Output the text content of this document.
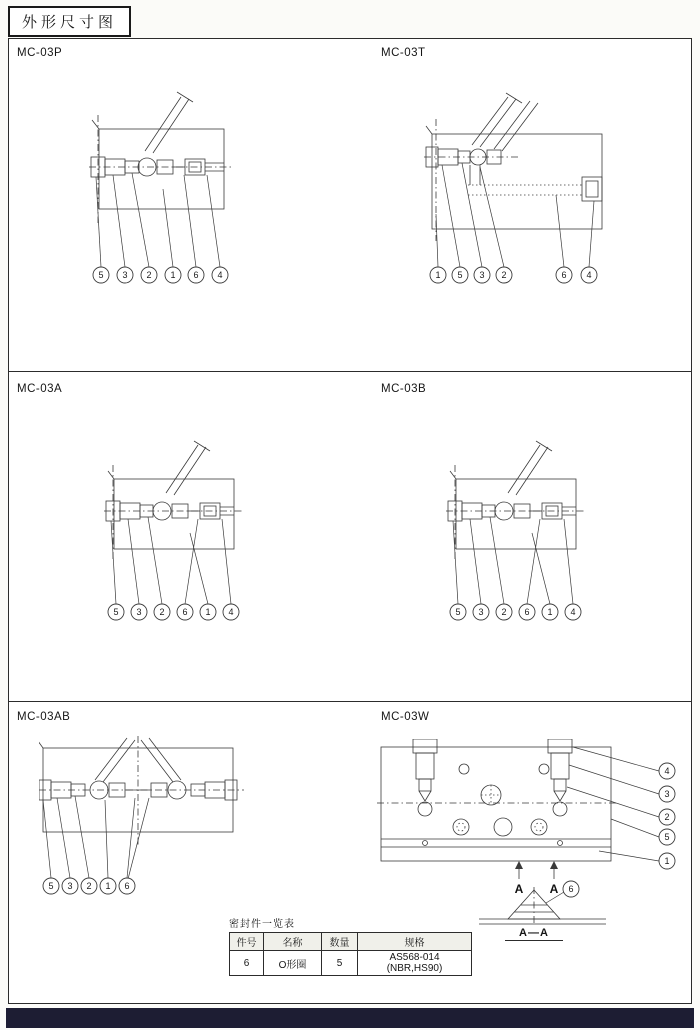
外形尺寸图
MC-03P	MC-03T
MC-03A	MC-03B
MC-03AB	MC-03W
5 3 2 1 6 4	1 5 3 2	6 4
5 3 2 6 1 4	5 3 2 6 1 4
5 3 2 1 6	A A
4
3
2
5
1
6
A—A
密封件一览表
件号	名称	数量	规格
6	O形圈	5	AS568-014 (NBR,HS90)
